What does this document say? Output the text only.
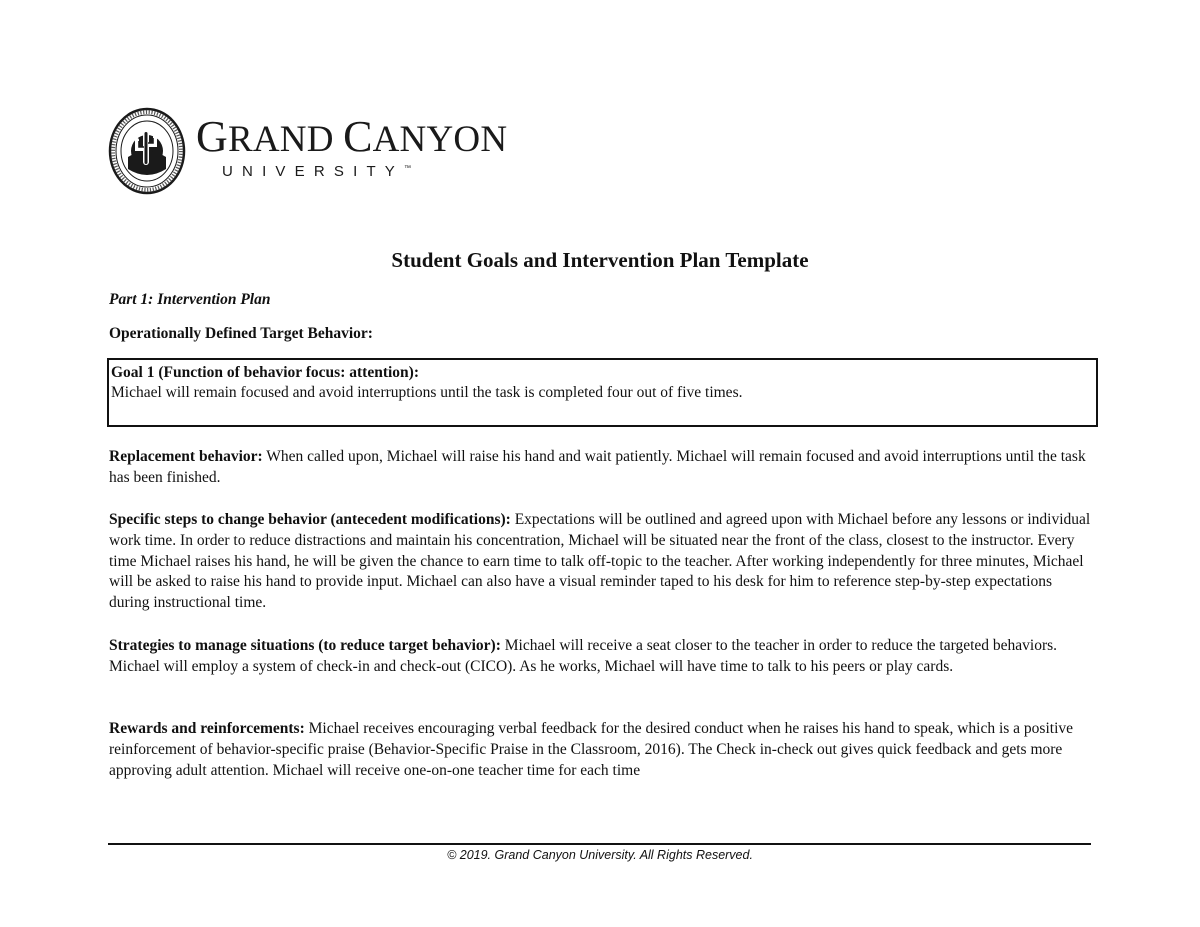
GRAND CANYON
UNIVERSITY™
Student Goals and Intervention Plan Template
Part 1: Intervention Plan
Operationally Defined Target Behavior:
Goal 1 (Function of behavior focus: attention):
Michael will remain focused and avoid interruptions until the task is completed four out of five times.
Replacement behavior: When called upon, Michael will raise his hand and wait patiently. Michael will remain focused and avoid interruptions until the task has been finished.
Specific steps to change behavior (antecedent modifications): Expectations will be outlined and agreed upon with Michael before any lessons or individual work time. In order to reduce distractions and maintain his concentration, Michael will be situated near the front of the class, closest to the instructor. Every time Michael raises his hand, he will be given the chance to earn time to talk off-topic to the teacher. After working independently for three minutes, Michael will be asked to raise his hand to provide input. Michael can also have a visual reminder taped to his desk for him to reference step-by-step expectations during instructional time.
Strategies to manage situations (to reduce target behavior): Michael will receive a seat closer to the teacher in order to reduce the targeted behaviors. Michael will employ a system of check-in and check-out (CICO). As he works, Michael will have time to talk to his peers or play cards.
Rewards and reinforcements: Michael receives encouraging verbal feedback for the desired conduct when he raises his hand to speak, which is a positive reinforcement of behavior-specific praise (Behavior-Specific Praise in the Classroom, 2016). The Check in-check out gives quick feedback and gets more approving adult attention. Michael will receive one-on-one teacher time for each time
© 2019. Grand Canyon University. All Rights Reserved.
